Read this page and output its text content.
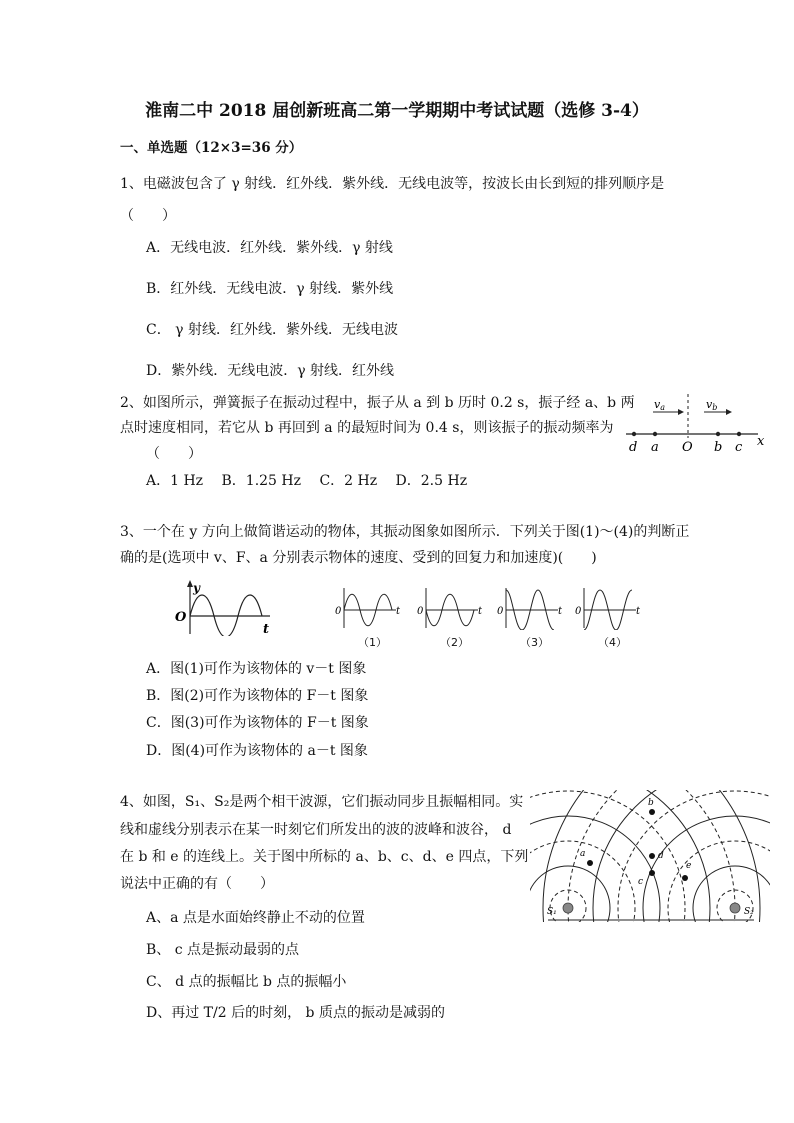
淮南二中 2018 届创新班高二第一学期期中考试试题（选修 3-4）
一、单选题（12×3=36 分）
1、电磁波包含了 γ 射线．红外线．紫外线．无线电波等，按波长由长到短的排列顺序是
（　　）
A．无线电波．红外线．紫外线．γ 射线
B．红外线．无线电波．γ 射线．紫外线
C． γ 射线．红外线．紫外线．无线电波
D．紫外线．无线电波．γ 射线．红外线
2、如图所示，弹簧振子在振动过程中，振子从 a 到 b 历时 0.2 s，振子经 a、b 两
点时速度相同，若它从 b 再回到 a 的最短时间为 0.4 s，则该振子的振动频率为
（　　）
A．1 Hz　 B．1.25 Hz　 C．2 Hz　 D．2.5 Hz
va	vb
d a O b c x
3、一个在 y 方向上做简谐运动的物体，其振动图象如图所示．下列关于图(1)～(4)的判断正
确的是(选项中 v、F、a 分别表示物体的速度、受到的回复力和加速度)(　　)
y
O
t
0	t 0	t 0	t 0	t
（1）	（2）	（3）	（4）
A．图(1)可作为该物体的 v－t 图象
B．图(2)可作为该物体的 F－t 图象
C．图(3)可作为该物体的 F－t 图象
D．图(4)可作为该物体的 a－t 图象
4、如图，S₁、S₂是两个相干波源，它们振动同步且振幅相同。实
线和虚线分别表示在某一时刻它们所发出的波的波峰和波谷， d
在 b 和 e 的连线上。关于图中所标的 a、b、c、d、e 四点，下列
说法中正确的有（　　）
A、a 点是水面始终静止不动的位置
B、 c 点是振动最弱的点
C、 d 点的振幅比 b 点的振幅小
D、再过 T/2 后的时刻， b 质点的振动是减弱的
S₁	S₂
a
b
c
d
e
